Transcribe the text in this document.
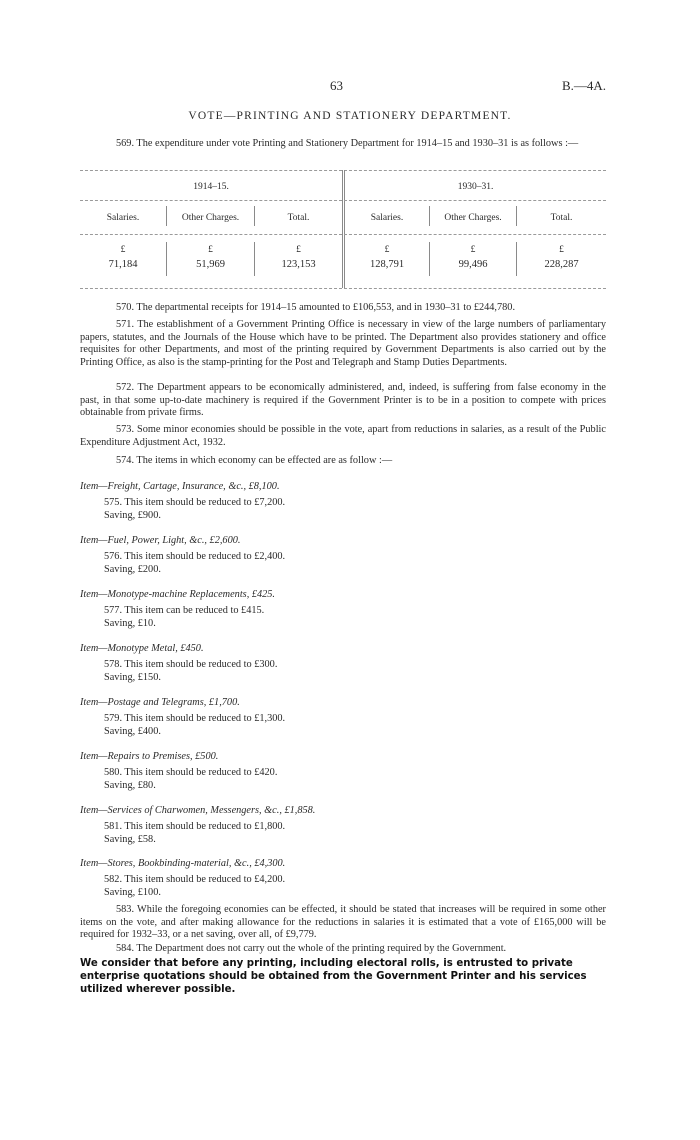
63	B.—4A.
VOTE—PRINTING AND STATIONERY DEPARTMENT.
569. The expenditure under vote Printing and Stationery Department for 1914–15 and 1930–31 is as follows :—
1914–15.	1930–31.
Salaries.	Other Charges.	Total.	Salaries.	Other Charges.	Total.
£	£	£	£	£	£
71,184	51,969	123,153	128,791	99,496	228,287
570. The departmental receipts for 1914–15 amounted to £106,553, and in 1930–31 to £244,780.
571. The establishment of a Government Printing Office is necessary in view of the large numbers of parliamentary papers, statutes, and the Journals of the House which have to be printed. The Department also provides stationery and office requisites for other Departments, and most of the printing required by Government Departments is also carried out by the Printing Office, as also is the stamp-printing for the Post and Telegraph and Stamp Duties Departments.
572. The Department appears to be economically administered, and, indeed, is suffering from false economy in the past, in that some up-to-date machinery is required if the Government Printer is to be in a position to compete with prices obtainable from private firms.
573. Some minor economies should be possible in the vote, apart from reductions in salaries, as a result of the Public Expenditure Adjustment Act, 1932.
574. The items in which economy can be effected are as follow :—
Item—Freight, Cartage, Insurance, &c., £8,100.
575. This item should be reduced to £7,200.
Saving, £900.
Item—Fuel, Power, Light, &c., £2,600.
576. This item should be reduced to £2,400.
Saving, £200.
Item—Monotype-machine Replacements, £425.
577. This item can be reduced to £415.
Saving, £10.
Item—Monotype Metal, £450.
578. This item should be reduced to £300.
Saving, £150.
Item—Postage and Telegrams, £1,700.
579. This item should be reduced to £1,300.
Saving, £400.
Item—Repairs to Premises, £500.
580. This item should be reduced to £420.
Saving, £80.
Item—Services of Charwomen, Messengers, &c., £1,858.
581. This item should be reduced to £1,800.
Saving, £58.
Item—Stores, Bookbinding-material, &c., £4,300.
582. This item should be reduced to £4,200.
Saving, £100.
583. While the foregoing economies can be effected, it should be stated that increases will be required in some other items on the vote, and after making allowance for the reductions in salaries it is estimated that a vote of £165,000 will be required for 1932–33, or a net saving, over all, of £9,779.
584. The Department does not carry out the whole of the printing required by the Government.
We consider that before any printing, including electoral rolls, is entrusted to private enterprise quotations should be obtained from the Government Printer and his services utilized wherever possible.
